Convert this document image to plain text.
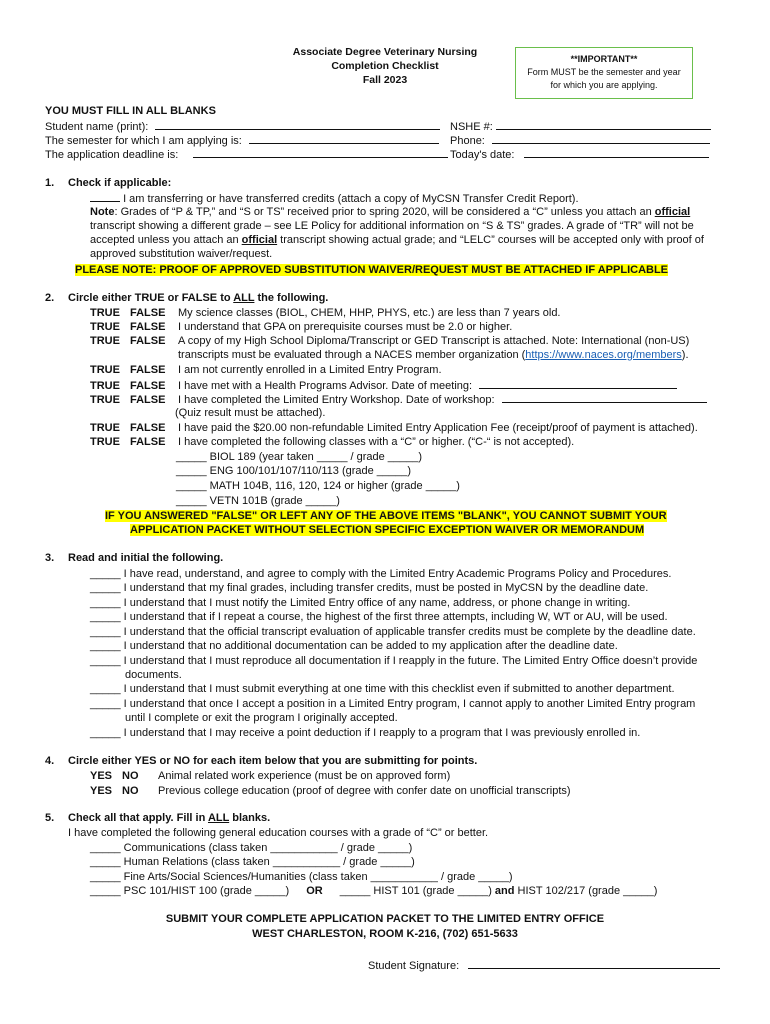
Associate Degree Veterinary Nursing
Completion Checklist
Fall 2023
**IMPORTANT**
Form MUST be the semester and year
for which you are applying.
YOU MUST FILL IN ALL BLANKS
Student name (print):
The semester for which I am applying is:
The application deadline is:
NSHE #:
Phone:
Today's date:
1. Check if applicable:
I am transferring or have transferred credits (attach a copy of MyCSN Transfer Credit Report).
Note: Grades of “P & TP,” and “S or TS” received prior to spring 2020, will be considered a “C” unless you attach an official
transcript showing a different grade – see LE Policy for additional information on “S & TS” grades. A grade of “TR” will not be
accepted unless you attach an official transcript showing actual grade; and “LELC” courses will be accepted only with proof of
approved substitution waiver/request.
PLEASE NOTE: PROOF OF APPROVED SUBSTITUTION WAIVER/REQUEST MUST BE ATTACHED IF APPLICABLE
2. Circle either TRUE or FALSE to ALL the following.
TRUE FALSE My science classes (BIOL, CHEM, HHP, PHYS, etc.) are less than 7 years old.
TRUE FALSE I understand that GPA on prerequisite courses must be 2.0 or higher.
TRUE FALSE A copy of my High School Diploma/Transcript or GED Transcript is attached. Note: International (non-US)
transcripts must be evaluated through a NACES member organization (https://www.naces.org/members).
TRUE FALSE I am not currently enrolled in a Limited Entry Program.
TRUE FALSE I have met with a Health Programs Advisor. Date of meeting:
TRUE FALSE I have completed the Limited Entry Workshop. Date of workshop:
(Quiz result must be attached).
TRUE FALSE I have paid the $20.00 non-refundable Limited Entry Application Fee (receipt/proof of payment is attached).
TRUE FALSE I have completed the following classes with a “C” or higher. (“C-“ is not accepted).
_____ BIOL 189 (year taken _____ / grade _____)
_____ ENG 100/101/107/110/113 (grade _____)
_____ MATH 104B, 116, 120, 124 or higher (grade _____)
_____ VETN 101B (grade _____)
IF YOU ANSWERED "FALSE" OR LEFT ANY OF THE ABOVE ITEMS "BLANK", YOU CANNOT SUBMIT YOUR
APPLICATION PACKET WITHOUT SELECTION SPECIFIC EXCEPTION WAIVER OR MEMORANDUM
3. Read and initial the following.
_____ I have read, understand, and agree to comply with the Limited Entry Academic Programs Policy and Procedures.
_____ I understand that my final grades, including transfer credits, must be posted in MyCSN by the deadline date.
_____ I understand that I must notify the Limited Entry office of any name, address, or phone change in writing.
_____ I understand that if I repeat a course, the highest of the first three attempts, including W, WT or AU, will be used.
_____ I understand that the official transcript evaluation of applicable transfer credits must be complete by the deadline date.
_____ I understand that no additional documentation can be added to my application after the deadline date.
_____ I understand that I must reproduce all documentation if I reapply in the future. The Limited Entry Office doesn’t provide
documents.
_____ I understand that I must submit everything at one time with this checklist even if submitted to another department.
_____ I understand that once I accept a position in a Limited Entry program, I cannot apply to another Limited Entry program
until I complete or exit the program I originally accepted.
_____ I understand that I may receive a point deduction if I reapply to a program that I was previously enrolled in.
4. Circle either YES or NO for each item below that you are submitting for points.
YES NO Animal related work experience (must be on approved form)
YES NO Previous college education (proof of degree with confer date on unofficial transcripts)
5. Check all that apply. Fill in ALL blanks.
I have completed the following general education courses with a grade of “C” or better.
_____ Communications (class taken ___________ / grade _____)
_____ Human Relations (class taken ___________ / grade _____)
_____ Fine Arts/Social Sciences/Humanities (class taken ___________ / grade _____)
_____ PSC 101/HIST 100 (grade _____) OR _____ HIST 101 (grade _____) and HIST 102/217 (grade _____)
SUBMIT YOUR COMPLETE APPLICATION PACKET TO THE LIMITED ENTRY OFFICE
WEST CHARLESTON, ROOM K-216, (702) 651-5633
Student Signature:
